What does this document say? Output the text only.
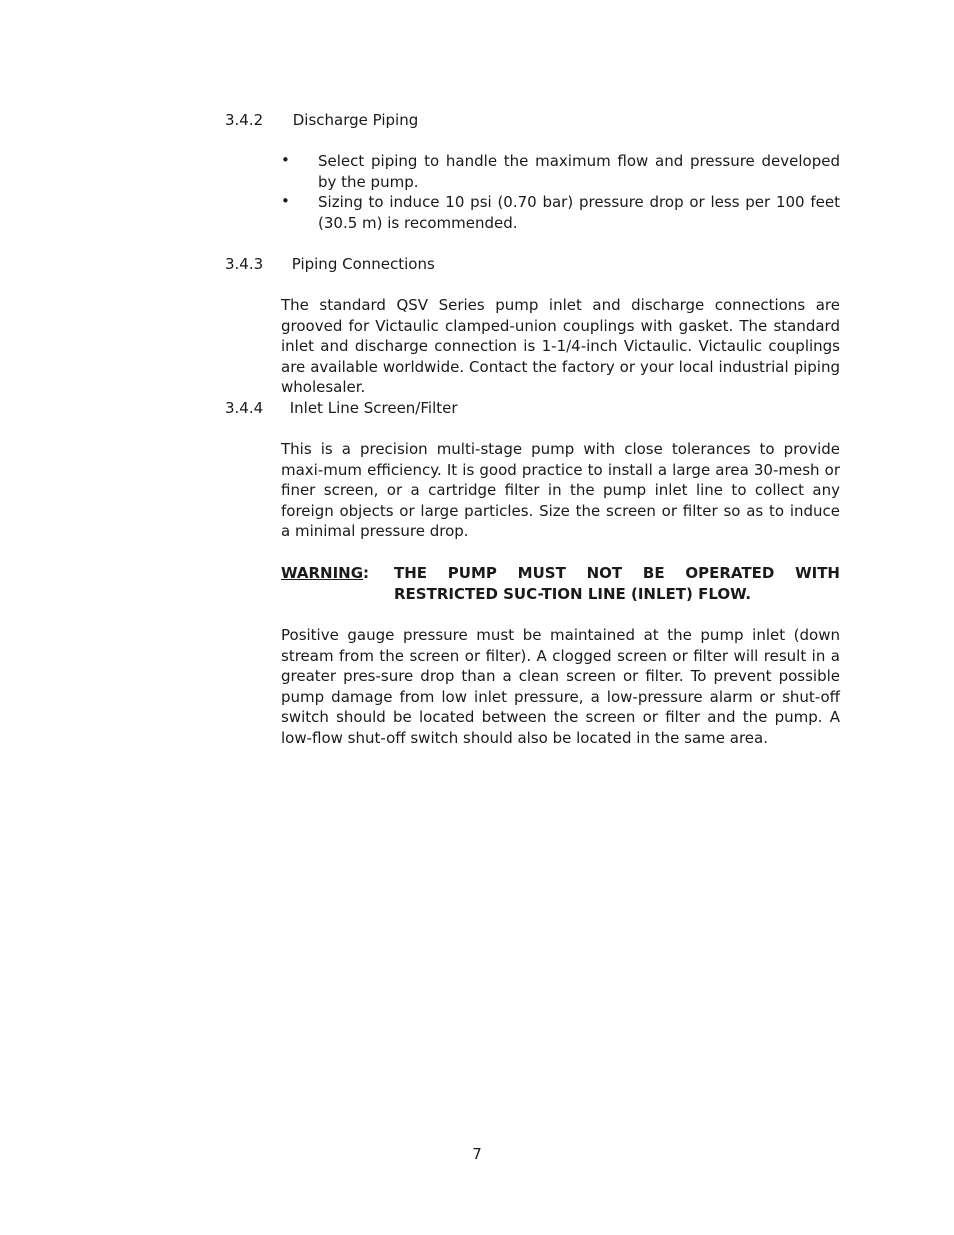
3.4.2 Discharge Piping
• Select piping to handle the maximum flow and pressure developed by the pump.
• Sizing to induce 10 psi (0.70 bar) pressure drop or less per 100 feet (30.5 m) is recommended.
3.4.3 Piping Connections
The standard QSV Series pump inlet and discharge connections are grooved for Victaulic clamped-union couplings with gasket. The standard inlet and discharge connection is 1-1/4-inch Victaulic. Victaulic couplings are available worldwide. Contact the factory or your local industrial piping wholesaler.
3.4.4 Inlet Line Screen/Filter
This is a precision multi-stage pump with close tolerances to provide maxi-mum efficiency. It is good practice to install a large area 30-mesh or finer screen, or a cartridge filter in the pump inlet line to collect any foreign objects or large particles. Size the screen or filter so as to induce a minimal pressure drop.
WARNING: THE PUMP MUST NOT BE OPERATED WITH RESTRICTED SUC-TION LINE (INLET) FLOW.
Positive gauge pressure must be maintained at the pump inlet (down stream from the screen or filter). A clogged screen or filter will result in a greater pres-sure drop than a clean screen or filter. To prevent possible pump damage from low inlet pressure, a low-pressure alarm or shut-off switch should be located between the screen or filter and the pump. A low-flow shut-off switch should also be located in the same area.
7
